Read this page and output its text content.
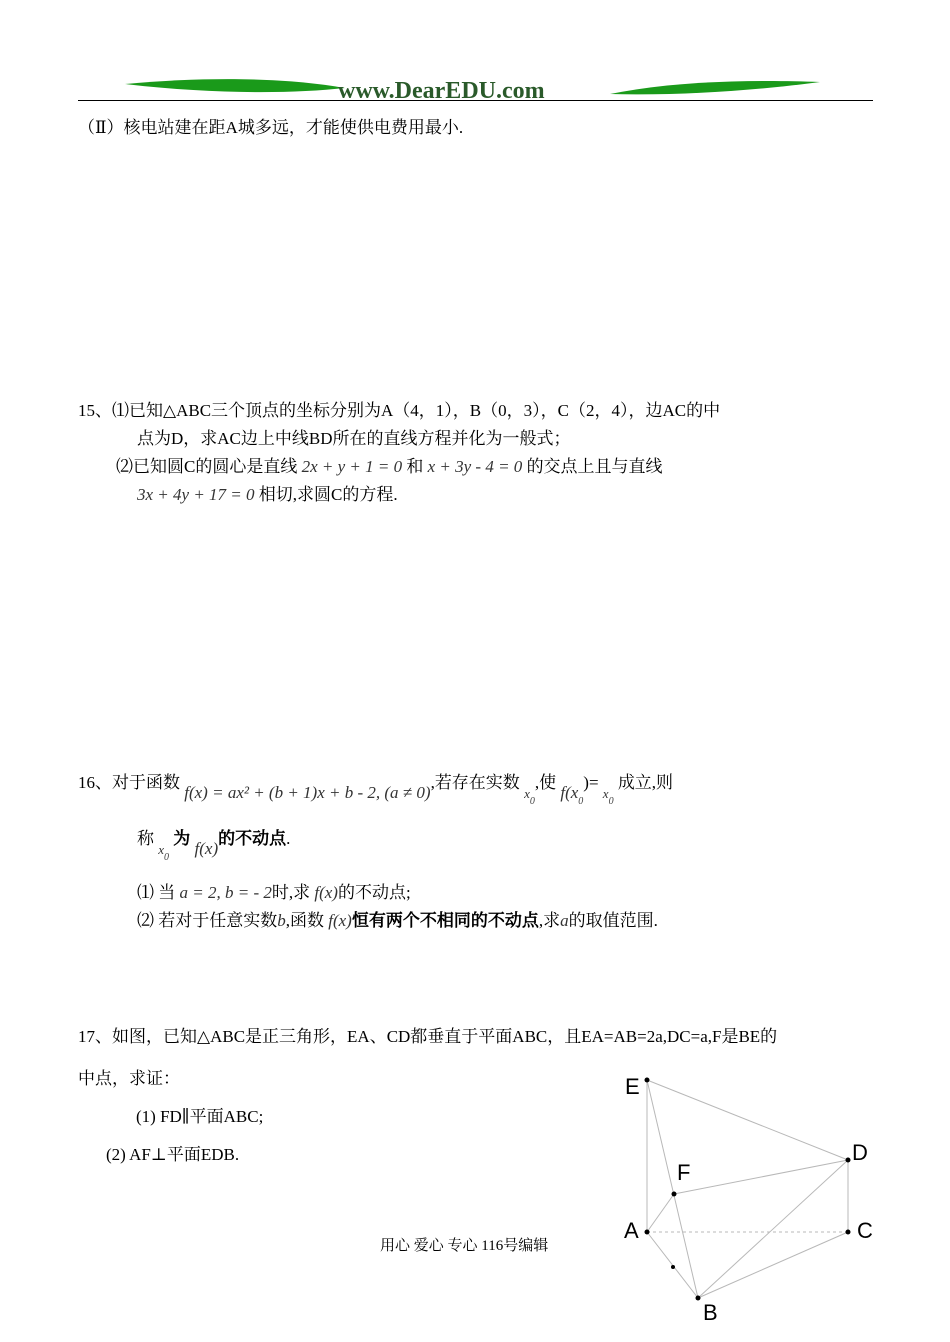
www.DearEDU.com
（Ⅱ）核电站建在距A城多远，才能使供电费用最小.
15、⑴已知△ABC三个顶点的坐标分别为A（4，1），B（0，3），C（2，4），边AC的中
点为D，求AC边上中线BD所在的直线方程并化为一般式；
⑵已知圆C的圆心是直线 2x + y + 1 = 0 和 x + 3y - 4 = 0 的交点上且与直线
3x + 4y + 17 = 0 相切,求圆C的方程.
16、对于函数 f(x) = ax² + (b + 1)x + b - 2, (a ≠ 0),若存在实数 $_{x_0}$,使 $f(x_0)= _{x_0}$ 成立,则
称 $_{x_0}$ 为 f(x)的不动点.
⑴ 当 a = 2, b = - 2时,求 f(x)的不动点;
⑵ 若对于任意实数b,函数 f(x)恒有两个不相同的不动点,求a的取值范围.
17、如图，已知△ABC是正三角形，EA、CD都垂直于平面ABC，且EA=AB=2a,DC=a,F是BE的
中点，求证：
(1) FD∥平面ABC;
(2) AF⊥平面EDB.
E
F
D
A	C
B
用心 爱心 专心 116号编辑
